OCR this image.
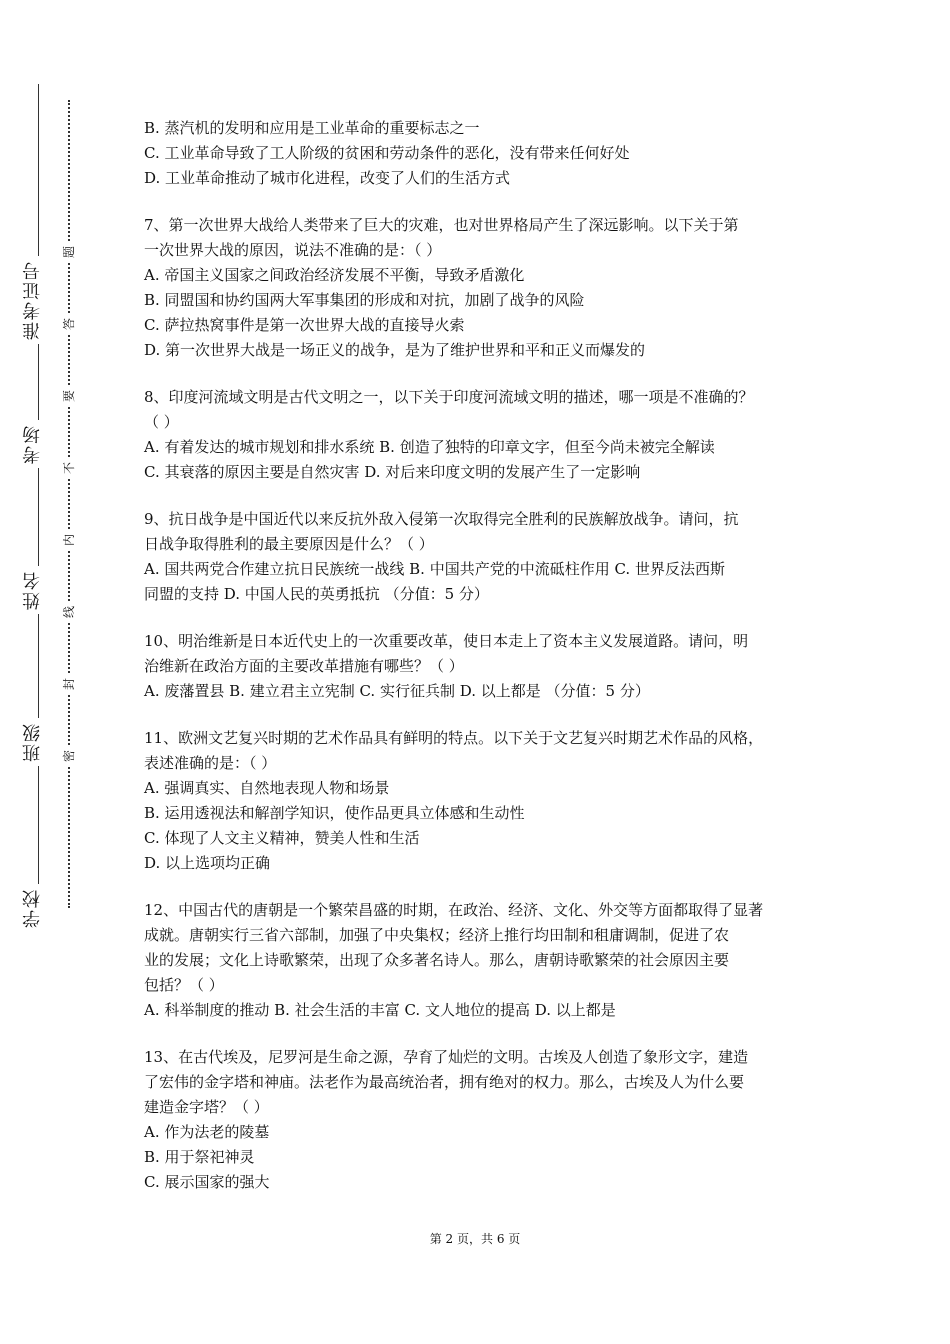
准考证号
考场
姓名
班级
学校
题
答
要
不
内
线
封
密

B. 蒸汽机的发明和应用是工业革命的重要标志之一

C. 工业革命导致了工人阶级的贫困和劳动条件的恶化，没有带来任何好处

D. 工业革命推动了城市化进程，改变了人们的生活方式

7、第一次世界大战给人类带来了巨大的灾难，也对世界格局产生了深远影响。以下关于第

一次世界大战的原因，说法不准确的是：（ ）

A. 帝国主义国家之间政治经济发展不平衡，导致矛盾激化

B. 同盟国和协约国两大军事集团的形成和对抗，加剧了战争的风险

C. 萨拉热窝事件是第一次世界大战的直接导火索

D. 第一次世界大战是一场正义的战争，是为了维护世界和平和正义而爆发的

8、印度河流域文明是古代文明之一，以下关于印度河流域文明的描述，哪一项是不准确的？

（ ）

A. 有着发达的城市规划和排水系统 B. 创造了独特的印章文字，但至今尚未被完全解读

C. 其衰落的原因主要是自然灾害 D. 对后来印度文明的发展产生了一定影响

9、抗日战争是中国近代以来反抗外敌入侵第一次取得完全胜利的民族解放战争。请问，抗

日战争取得胜利的最主要原因是什么？（ ）

A. 国共两党合作建立抗日民族统一战线 B. 中国共产党的中流砥柱作用 C. 世界反法西斯

同盟的支持 D. 中国人民的英勇抵抗 （分值：5 分）

10、明治维新是日本近代史上的一次重要改革，使日本走上了资本主义发展道路。请问，明

治维新在政治方面的主要改革措施有哪些？（ ）

A. 废藩置县 B. 建立君主立宪制 C. 实行征兵制 D. 以上都是 （分值：5 分）

11、欧洲文艺复兴时期的艺术作品具有鲜明的特点。以下关于文艺复兴时期艺术作品的风格，

表述准确的是：（ ）

A. 强调真实、自然地表现人物和场景

B. 运用透视法和解剖学知识，使作品更具立体感和生动性

C. 体现了人文主义精神，赞美人性和生活

D. 以上选项均正确

12、中国古代的唐朝是一个繁荣昌盛的时期，在政治、经济、文化、外交等方面都取得了显著

成就。唐朝实行三省六部制，加强了中央集权；经济上推行均田制和租庸调制，促进了农

业的发展；文化上诗歌繁荣，出现了众多著名诗人。那么，唐朝诗歌繁荣的社会原因主要

包括？（ ）

A. 科举制度的推动 B. 社会生活的丰富 C. 文人地位的提高 D. 以上都是

13、在古代埃及，尼罗河是生命之源，孕育了灿烂的文明。古埃及人创造了象形文字，建造

了宏伟的金字塔和神庙。法老作为最高统治者，拥有绝对的权力。那么，古埃及人为什么要

建造金字塔？（ ）

A. 作为法老的陵墓

B. 用于祭祀神灵

C. 展示国家的强大

第 2 页，共 6 页
